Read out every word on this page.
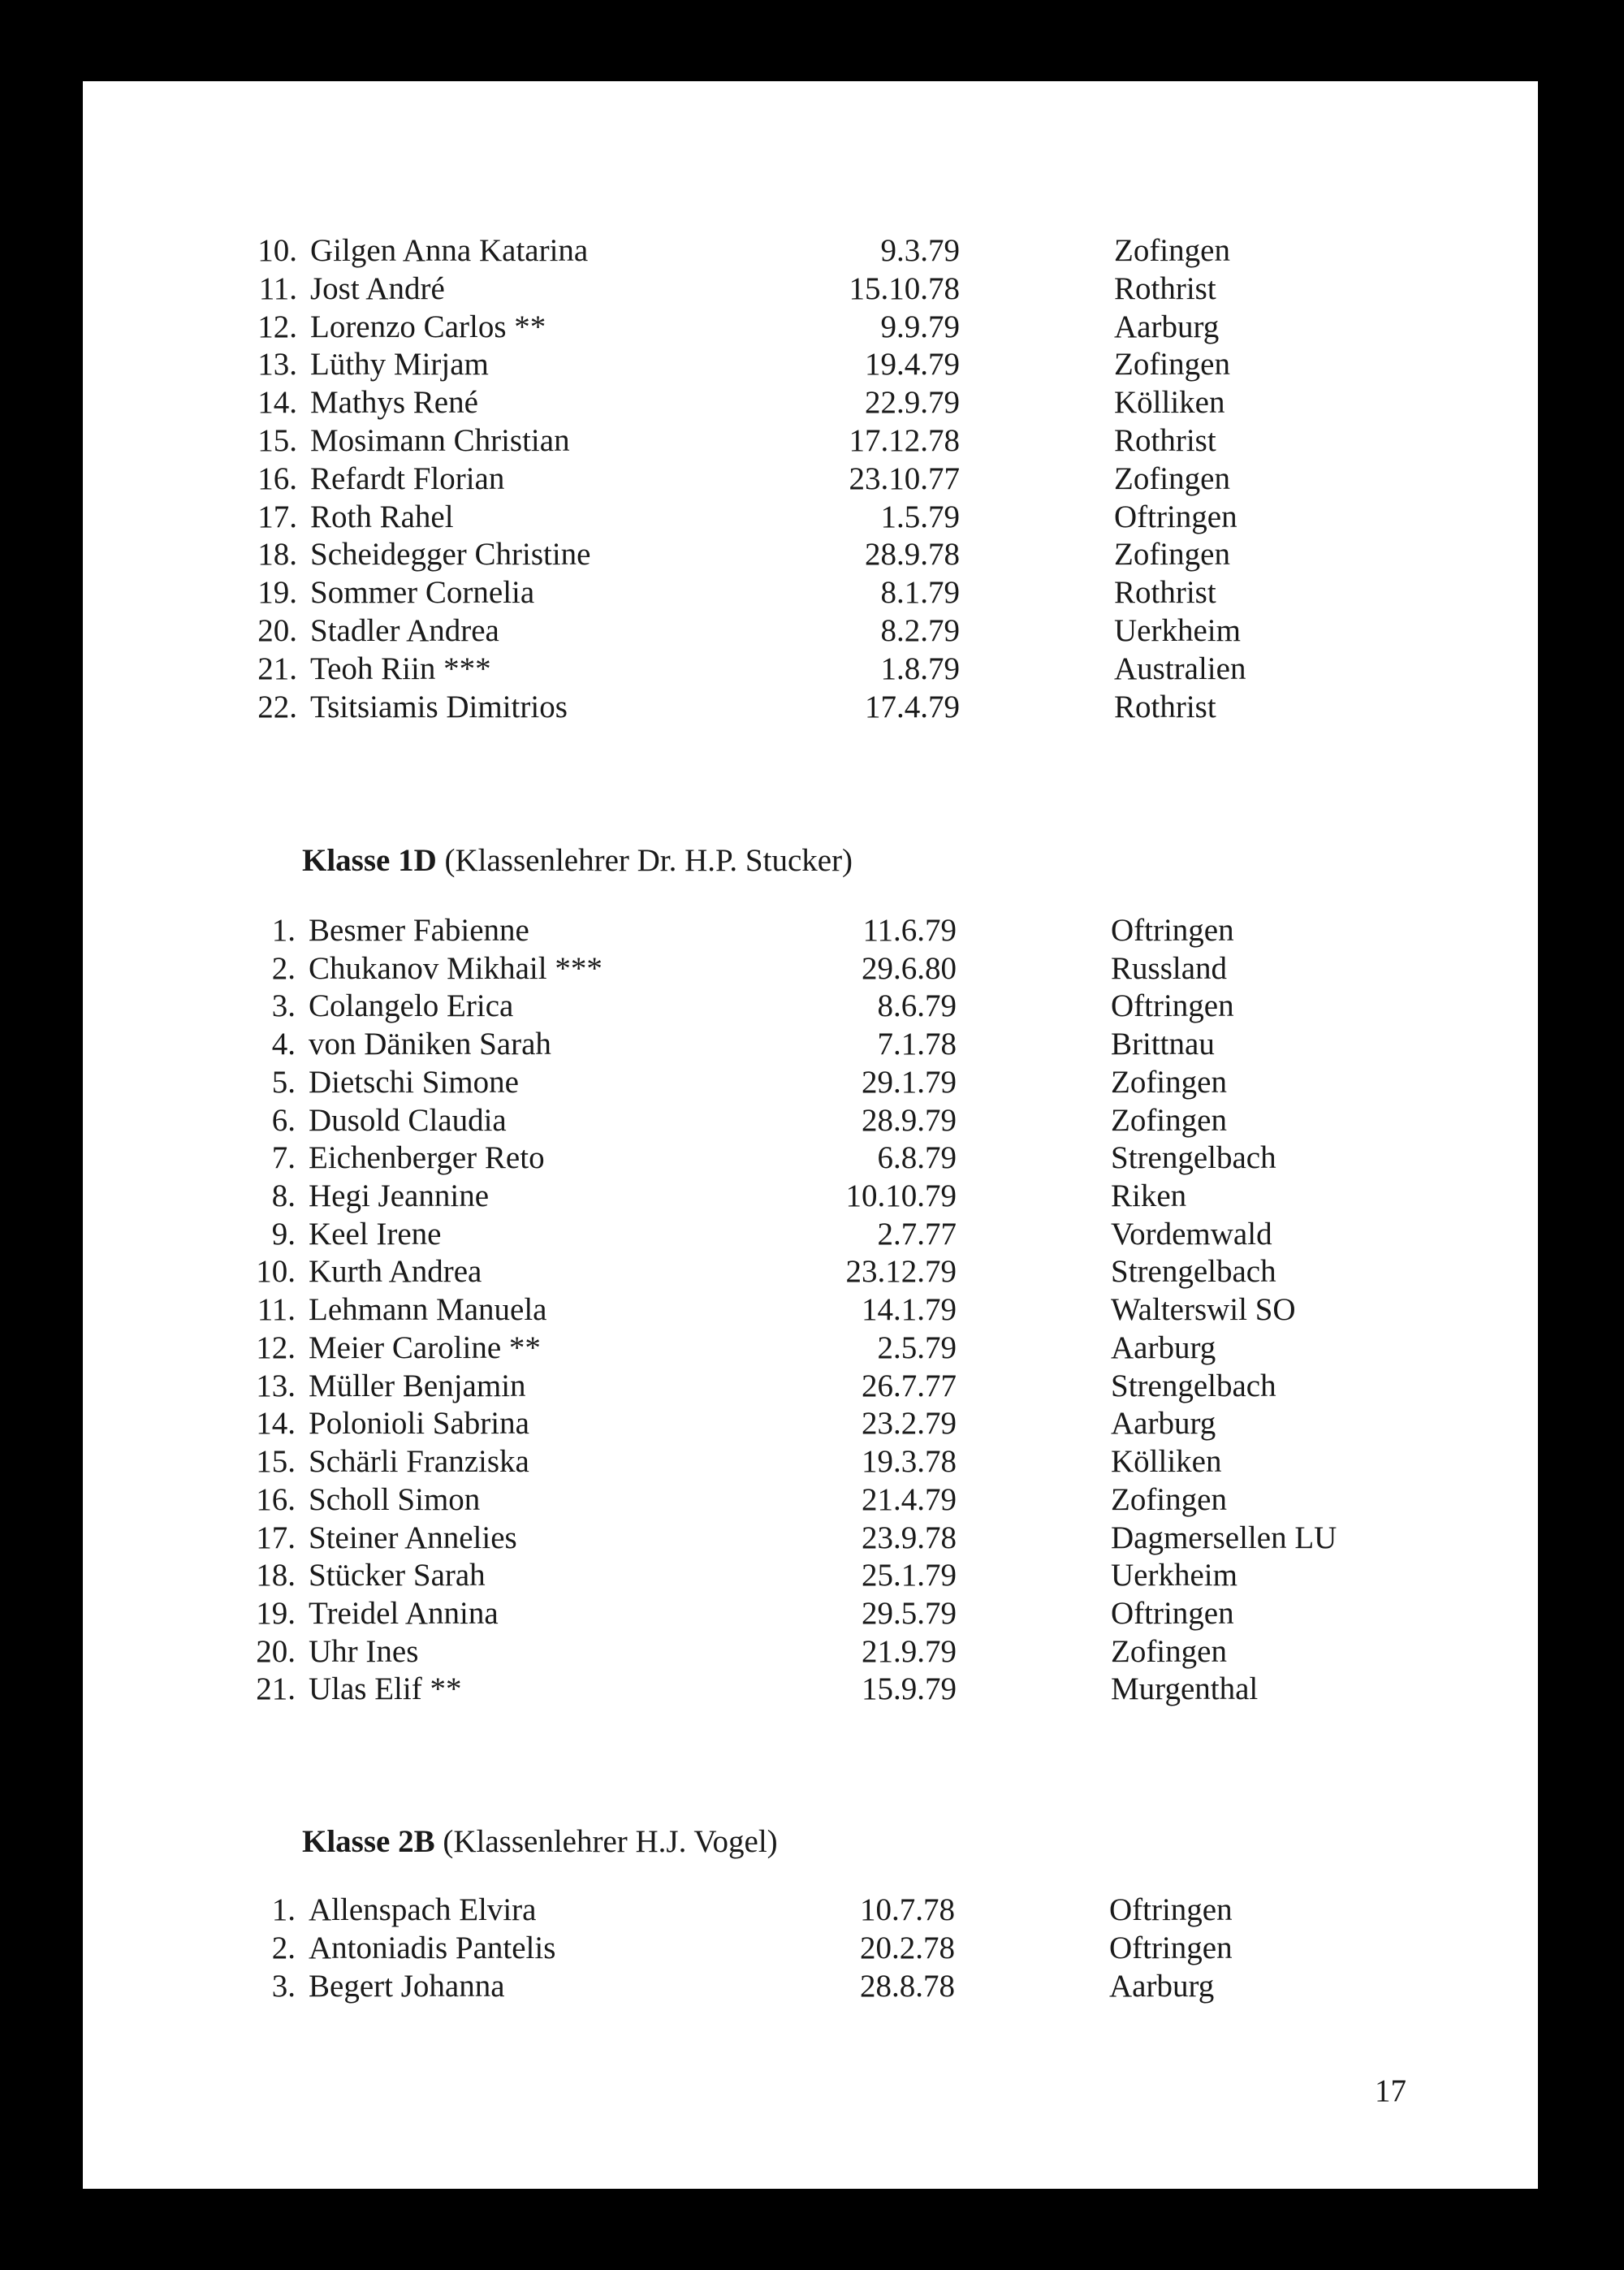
Klasse 1D (Klassenlehrer Dr. H.P. Stucker)
Klasse 2B (Klassenlehrer H.J. Vogel)
17
10. Gilgen Anna Katarina	9.3.79	Zofingen
11. Jost André	15.10.78	Rothrist
12. Lorenzo Carlos **	9.9.79	Aarburg
13. Lüthy Mirjam	19.4.79	Zofingen
14. Mathys René	22.9.79	Kölliken
15. Mosimann Christian	17.12.78	Rothrist
16. Refardt Florian	23.10.77	Zofingen
17. Roth Rahel	1.5.79	Oftringen
18. Scheidegger Christine	28.9.78	Zofingen
19. Sommer Cornelia	8.1.79	Rothrist
20. Stadler Andrea	8.2.79	Uerkheim
21. Teoh Riin ***	1.8.79	Australien
22. Tsitsiamis Dimitrios	17.4.79	Rothrist
1. Besmer Fabienne	11.6.79	Oftringen
2. Chukanov Mikhail ***	29.6.80	Russland
3. Colangelo Erica	8.6.79	Oftringen
4. von Däniken Sarah	7.1.78	Brittnau
5. Dietschi Simone	29.1.79	Zofingen
6. Dusold Claudia	28.9.79	Zofingen
7. Eichenberger Reto	6.8.79	Strengelbach
8. Hegi Jeannine	10.10.79	Riken
9. Keel Irene	2.7.77	Vordemwald
10. Kurth Andrea	23.12.79	Strengelbach
11. Lehmann Manuela	14.1.79	Walterswil SO
12. Meier Caroline **	2.5.79	Aarburg
13. Müller Benjamin	26.7.77	Strengelbach
14. Polonioli Sabrina	23.2.79	Aarburg
15. Schärli Franziska	19.3.78	Kölliken
16. Scholl Simon	21.4.79	Zofingen
17. Steiner Annelies	23.9.78	Dagmersellen LU
18. Stücker Sarah	25.1.79	Uerkheim
19. Treidel Annina	29.5.79	Oftringen
20. Uhr Ines	21.9.79	Zofingen
21. Ulas Elif **	15.9.79	Murgenthal
1. Allenspach Elvira	10.7.78	Oftringen
2. Antoniadis Pantelis	20.2.78	Oftringen
3. Begert Johanna	28.8.78	Aarburg
